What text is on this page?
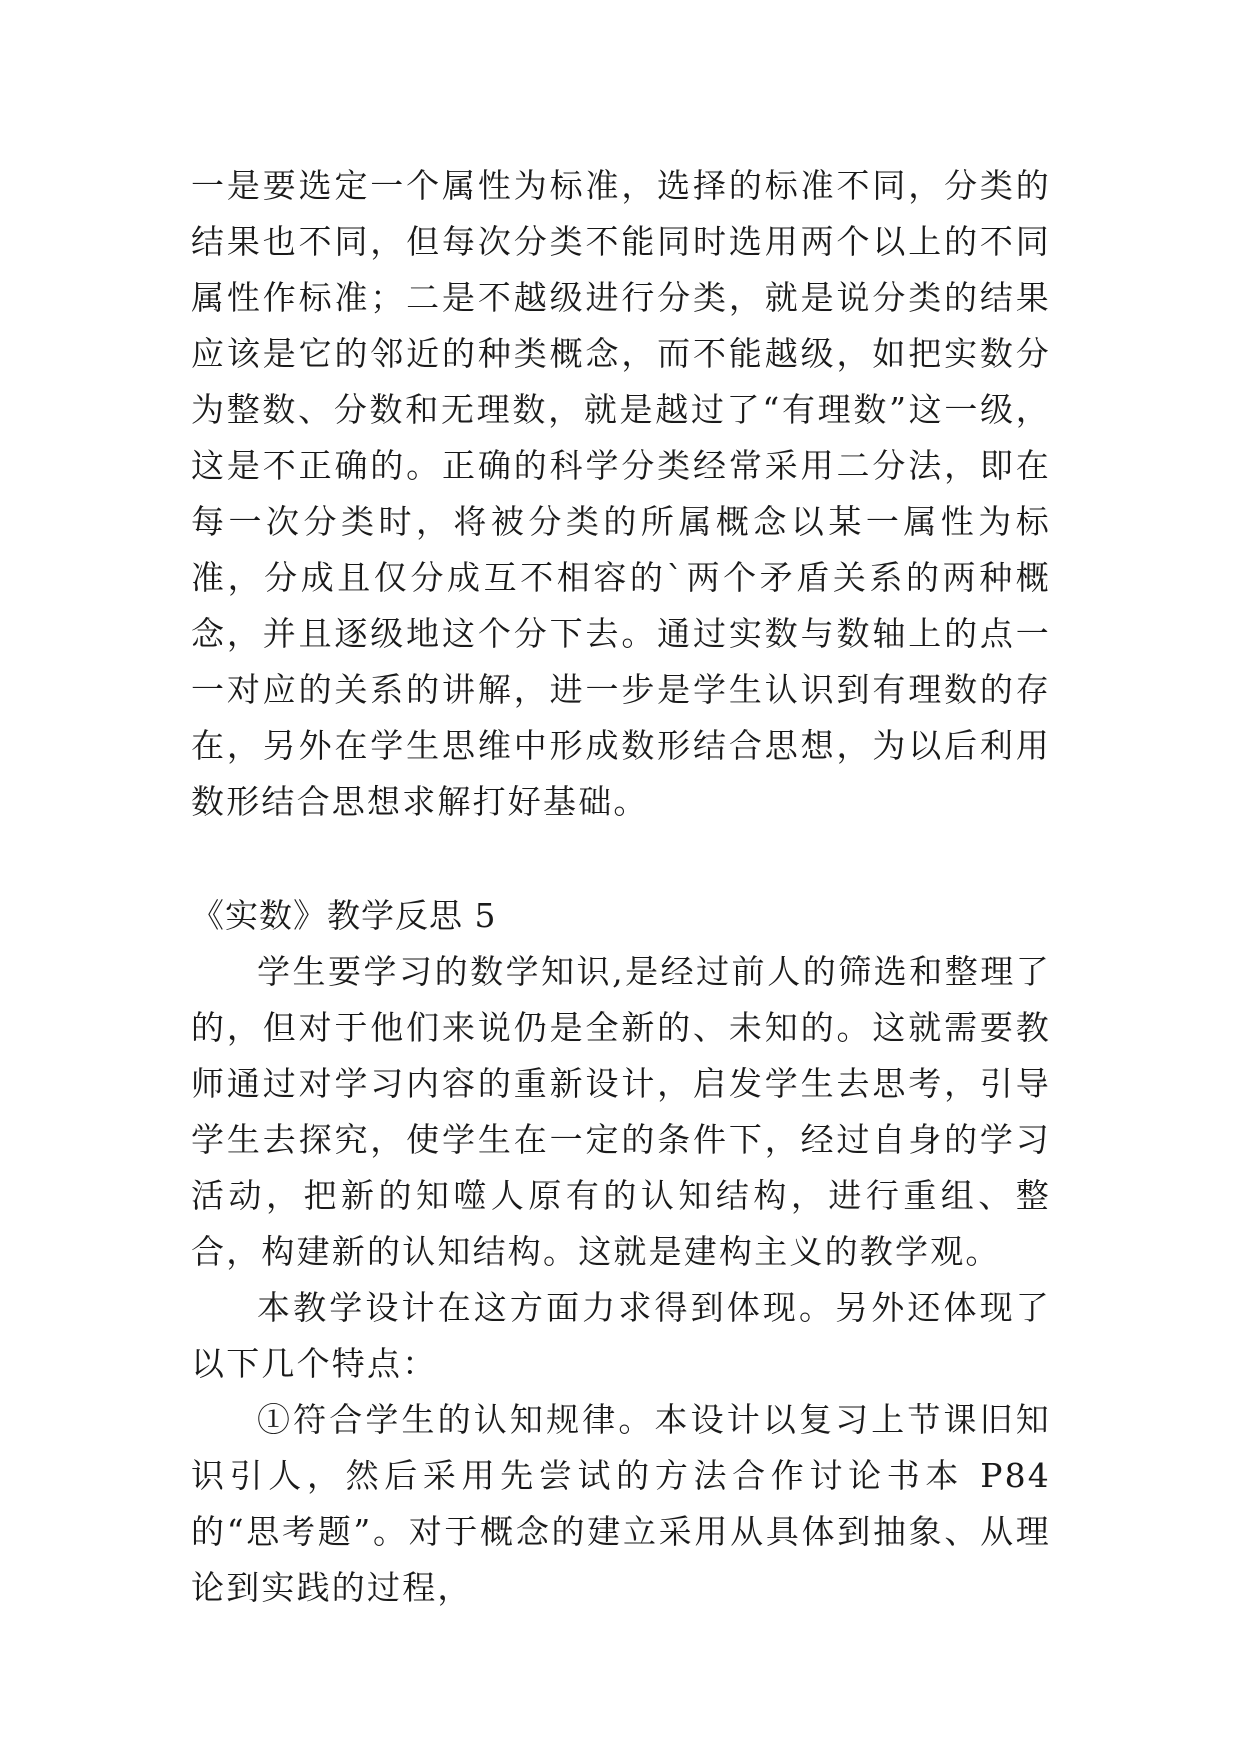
一是要选定一个属性为标准，选择的标准不同，分类的结果也不同，但每次分类不能同时选用两个以上的不同属性作标准；二是不越级进行分类，就是说分类的结果应该是它的邻近的种类概念，而不能越级，如把实数分为整数、分数和无理数，就是越过了“有理数”这一级，这是不正确的。正确的科学分类经常采用二分法，即在每一次分类时，将被分类的所属概念以某一属性为标准，分成且仅分成互不相容的`两个矛盾关系的两种概念，并且逐级地这个分下去。通过实数与数轴上的点一一对应的关系的讲解，进一步是学生认识到有理数的存在，另外在学生思维中形成数形结合思想，为以后利用数形结合思想求解打好基础。

《实数》教学反思 5

学生要学习的数学知识,是经过前人的筛选和整理了的，但对于他们来说仍是全新的、未知的。这就需要教师通过对学习内容的重新设计，启发学生去思考，引导学生去探究，使学生在一定的条件下，经过自身的学习活动，把新的知噬人原有的认知结构，进行重组、整合，构建新的认知结构。这就是建构主义的教学观。

本教学设计在这方面力求得到体现。另外还体现了以下几个特点：

①符合学生的认知规律。本设计以复习上节课旧知识引人，然后采用先尝试的方法合作讨论书本 P84 的“思考题”。对于概念的建立采用从具体到抽象、从理论到实践的过程，
